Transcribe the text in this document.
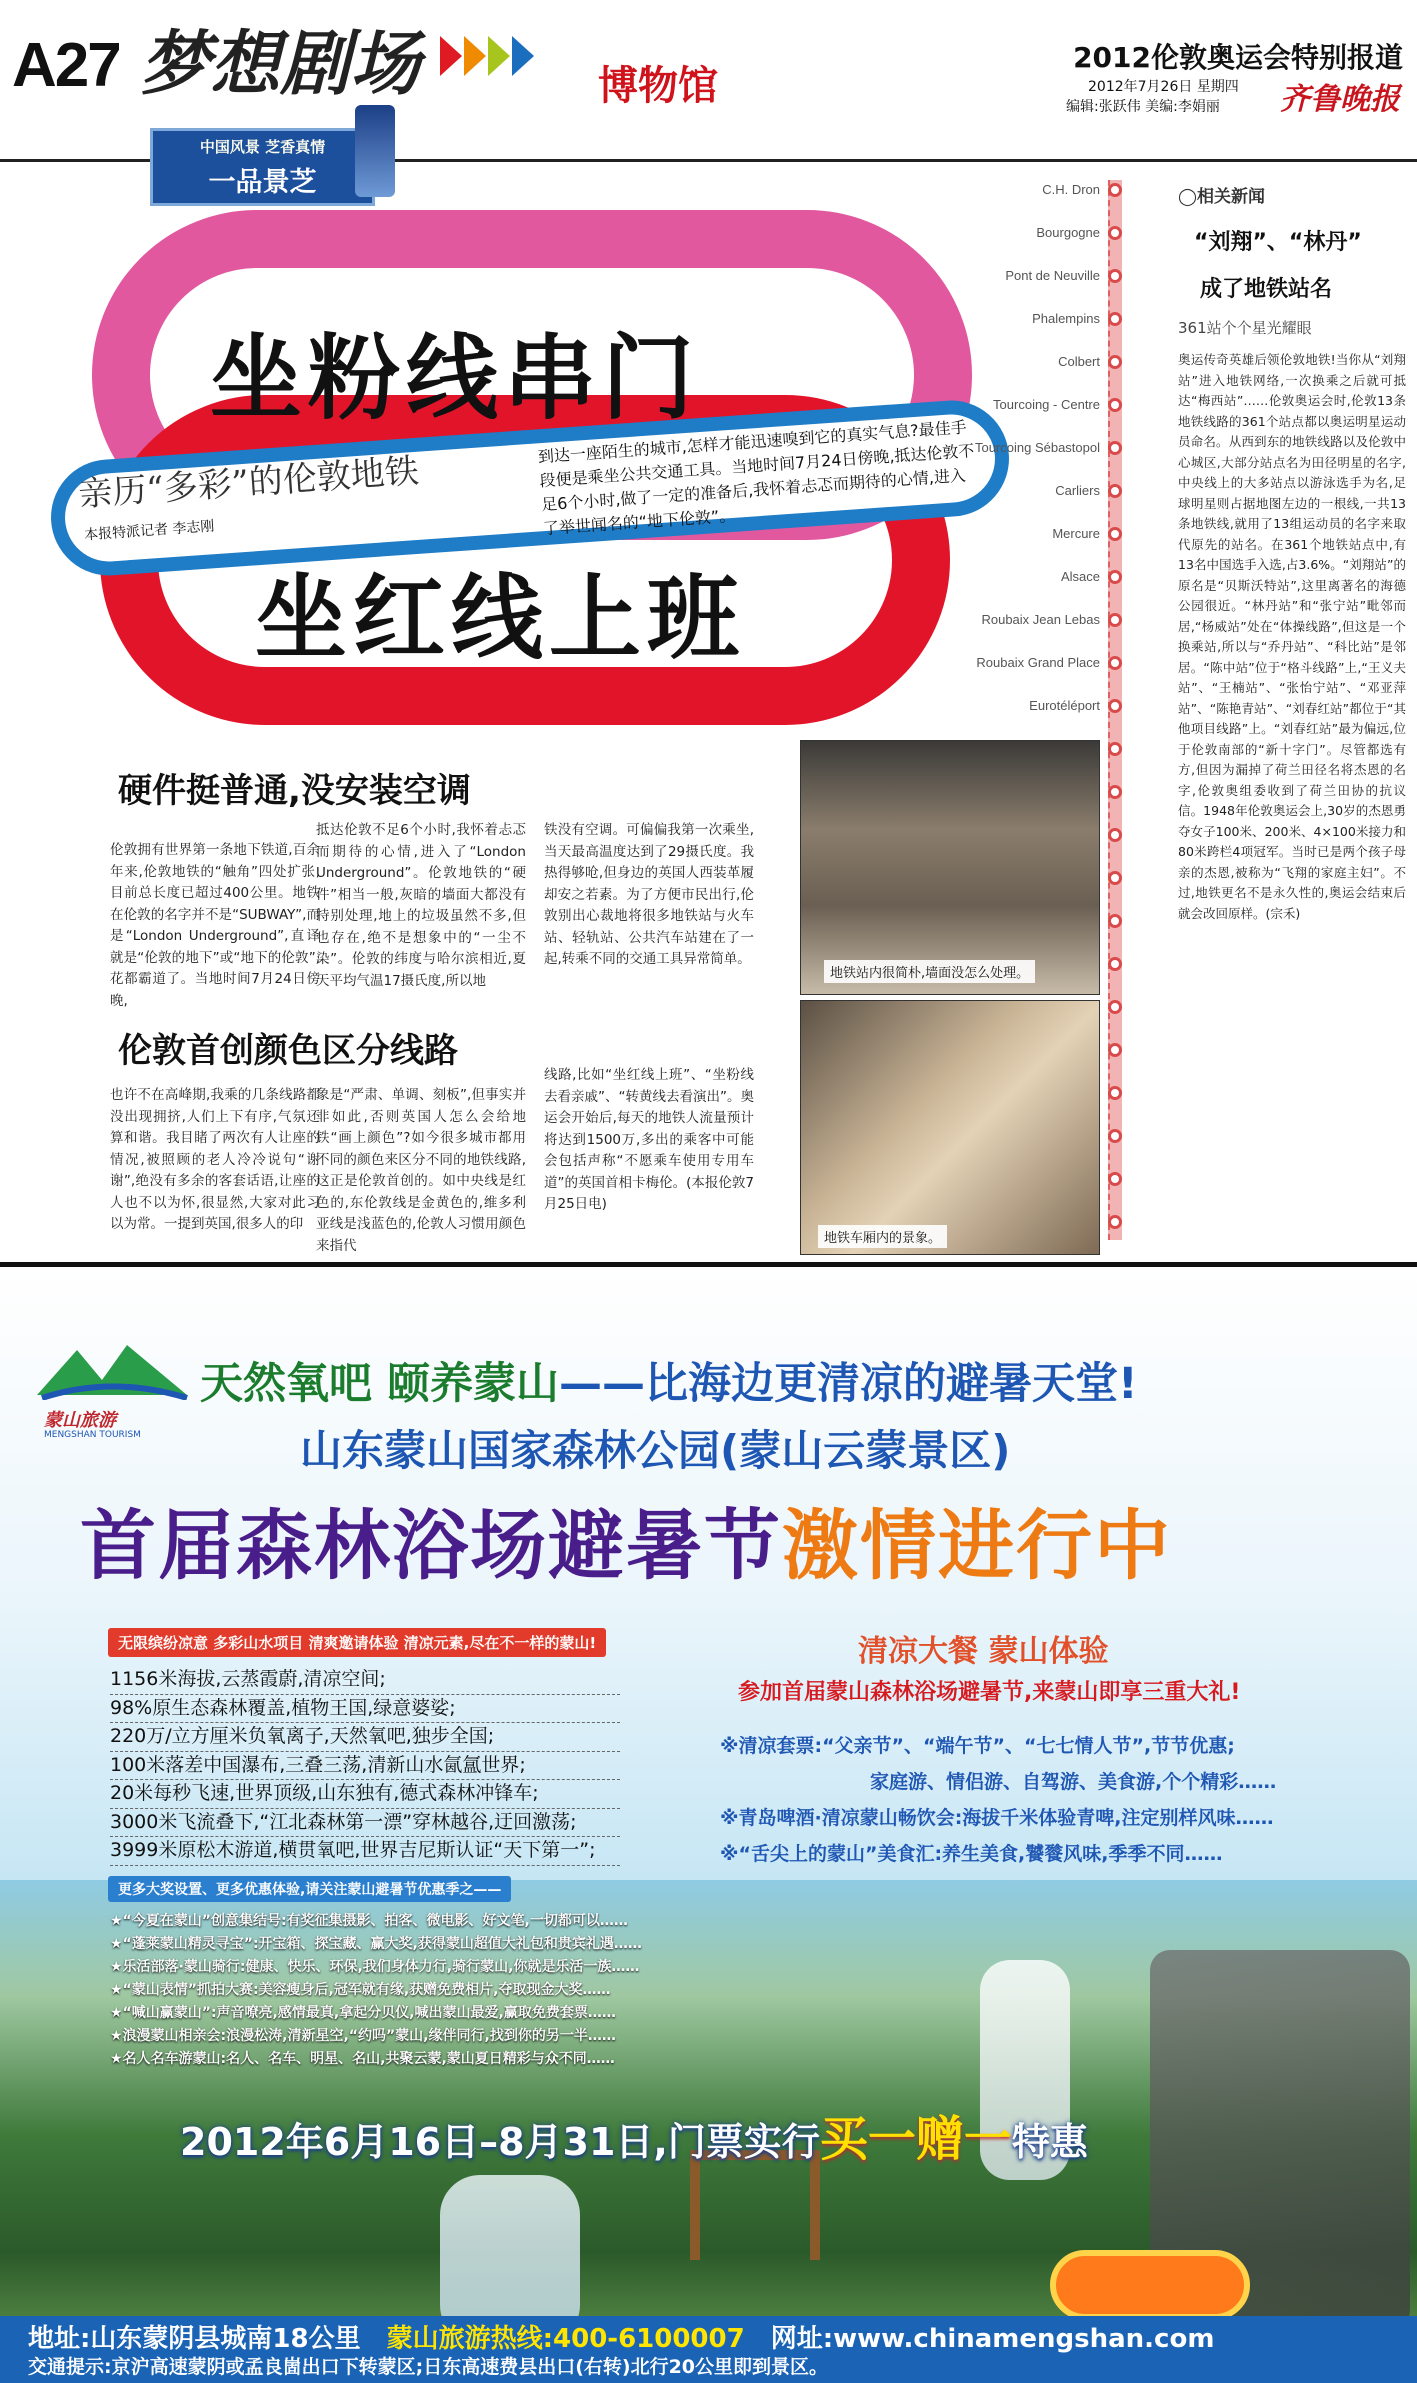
A27 梦想剧场	博物馆
中国风景 芝香真情
一品景芝
2012伦敦奥运会特别报道
2012年7月26日 星期四
编辑:张跃伟 美编:李娟丽 齐鲁晚报
坐粉线串门
坐红线上班
亲历“多彩”的伦敦地铁
本报特派记者 李志刚
到达一座陌生的城市,怎样才能迅速嗅到它的真实气息?最佳手段便是乘坐公共交通工具。当地时间7月24日傍晚,抵达伦敦不足6个小时,做了一定的准备后,我怀着忐忑而期待的心情,进入了举世闻名的“地下伦敦”。
C.H. Dron
Bourgogne
Pont de Neuville
Phalempins
Colbert
Tourcoing - Centre
Tourcoing Sébastopol
Carliers
Mercure
Alsace
Roubaix Jean Lebas
Roubaix Grand Place
Eurotéléport
◯相关新闻
“刘翔”、“林丹”
成了地铁站名
361站个个星光耀眼
奥运传奇英雄后领伦敦地铁!当你从“刘翔站”进入地铁网络,一次换乘之后就可抵达“梅西站”……伦敦奥运会时,伦敦13条地铁线路的361个站点都以奥运明星运动员命名。从西到东的地铁线路以及伦敦中心城区,大部分站点名为田径明星的名字,中央线上的大多站点以游泳选手为名,足球明星则占据地图左边的一根线,一共13条地铁线,就用了13组运动员的名字来取代原先的站名。在361个地铁站点中,有13名中国选手入选,占3.6%。“刘翔站”的原名是“贝斯沃特站”,这里离著名的海德公园很近。“林丹站”和“张宁站”毗邻而居,“杨威站”处在“体操线路”,但这是一个换乘站,所以与“乔丹站”、“科比站”是邻居。“陈中站”位于“格斗线路”上,“王义夫站”、“王楠站”、“张怡宁站”、“邓亚萍站”、“陈艳青站”、“刘春红站”都位于“其他项目线路”上。“刘春红站”最为偏远,位于伦敦南部的“新十字门”。尽管都选有方,但因为漏掉了荷兰田径名将杰恩的名字,伦敦奥组委收到了荷兰田协的抗议信。1948年伦敦奥运会上,30岁的杰恩勇夺女子100米、200米、4×100米接力和80米跨栏4项冠军。当时已是两个孩子母亲的杰恩,被称为“飞翔的家庭主妇”。不过,地铁更名不是永久性的,奥运会结束后就会改回原样。(宗禾)
硬件挺普通,没安装空调
伦敦拥有世界第一条地下铁道,百余年来,伦敦地铁的“触角”四处扩张,目前总长度已超过400公里。地铁在伦敦的名字并不是“SUBWAY”,而是“London Underground”,直译就是“伦敦的地下”或“地下的伦敦”,花都霸道了。当地时间7月24日傍晚,
抵达伦敦不足6个小时,我怀着忐忑而期待的心情,进入了“London Underground”。伦敦地铁的“硬件”相当一般,灰暗的墙面大都没有特别处理,地上的垃圾虽然不多,但也存在,绝不是想象中的“一尘不染”。伦敦的纬度与哈尔滨相近,夏天平均气温17摄氏度,所以地
铁没有空调。可偏偏我第一次乘坐,当天最高温度达到了29摄氏度。我热得够呛,但身边的英国人西装革履却安之若素。为了方便市民出行,伦敦别出心裁地将很多地铁站与火车站、轻轨站、公共汽车站建在了一起,转乘不同的交通工具异常简单。
伦敦首创颜色区分线路
也许不在高峰期,我乘的几条线路都没出现拥挤,人们上下有序,气氛还算和谐。我目睹了两次有人让座的情况,被照顾的老人冷冷说句“谢谢”,绝没有多余的客套话语,让座的人也不以为怀,很显然,大家对此习以为常。一提到英国,很多人的印
象是“严肃、单调、刻板”,但事实并非如此,否则英国人怎么会给地铁“画上颜色”?如今很多城市都用不同的颜色来区分不同的地铁线路,这正是伦敦首创的。如中央线是红色的,东伦敦线是金黄色的,维多利亚线是浅蓝色的,伦敦人习惯用颜色来指代
线路,比如“坐红线上班”、“坐粉线去看亲戚”、“转黄线去看演出”。奥运会开始后,每天的地铁人流量预计将达到1500万,多出的乘客中可能会包括声称“不愿乘车使用专用车道”的英国首相卡梅伦。(本报伦敦7月25日电)
地铁站内很简朴,墙面没怎么处理。
地铁车厢内的景象。
蒙山旅游
MENGSHAN TOURISM
天然氧吧 颐养蒙山——比海边更清凉的避暑天堂!
山东蒙山国家森林公园(蒙山云蒙景区)
首届森林浴场避暑节激情进行中
无限缤纷凉意 多彩山水项目 清爽邀请体验 清凉元素,尽在不一样的蒙山!
1156米海拔,云蒸霞蔚,清凉空间;
98%原生态森林覆盖,植物王国,绿意婆娑;
220万/立方厘米负氧离子,天然氧吧,独步全国;
100米落差中国瀑布,三叠三荡,清新山水氤氲世界;
20米每秒飞速,世界顶级,山东独有,德式森林冲锋车;
3000米飞流叠下,“江北森林第一漂”穿林越谷,迂回激荡;
3999米原松木游道,横贯氧吧,世界吉尼斯认证“天下第一”;
清凉大餐 蒙山体验
参加首届蒙山森林浴场避暑节,来蒙山即享三重大礼!
※清凉套票:“父亲节”、“端午节”、“七七情人节”,节节优惠;
家庭游、情侣游、自驾游、美食游,个个精彩……
※青岛啤酒·清凉蒙山畅饮会:海拔千米体验青啤,注定别样风味……
※“舌尖上的蒙山”美食汇:养生美食,饕餮风味,季季不同……
更多大奖设置、更多优惠体验,请关注蒙山避暑节优惠季之——
★“今夏在蒙山”创意集结号:有奖征集摄影、拍客、微电影、好文笔,一切都可以……
★“蓬莱蒙山精灵寻宝”:开宝箱、探宝藏、赢大奖,获得蒙山超值大礼包和贵宾礼遇……
★乐活部落·蒙山骑行:健康、快乐、环保,我们身体力行,骑行蒙山,你就是乐活一族……
★“蒙山表情”抓拍大赛:美容瘦身后,冠军就有缘,获赠免费相片,夺取现金大奖……
★“喊山赢蒙山”:声音嘹亮,感情最真,拿起分贝仪,喊出蒙山最爱,赢取免费套票……
★浪漫蒙山相亲会:浪漫松涛,清新星空,“约吗”蒙山,缘伴同行,找到你的另一半……
★名人名车游蒙山:名人、名车、明星、名山,共聚云蒙,蒙山夏日精彩与众不同……
2012年6月16日–8月31日,门票实行买一赠一特惠
地址:山东蒙阴县城南18公里　 蒙山旅游热线:400-6100007　 网址:www.chinamengshan.com
交通提示:京沪高速蒙阴或孟良崮出口下转蒙区;日东高速费县出口(右转)北行20公里即到景区。
